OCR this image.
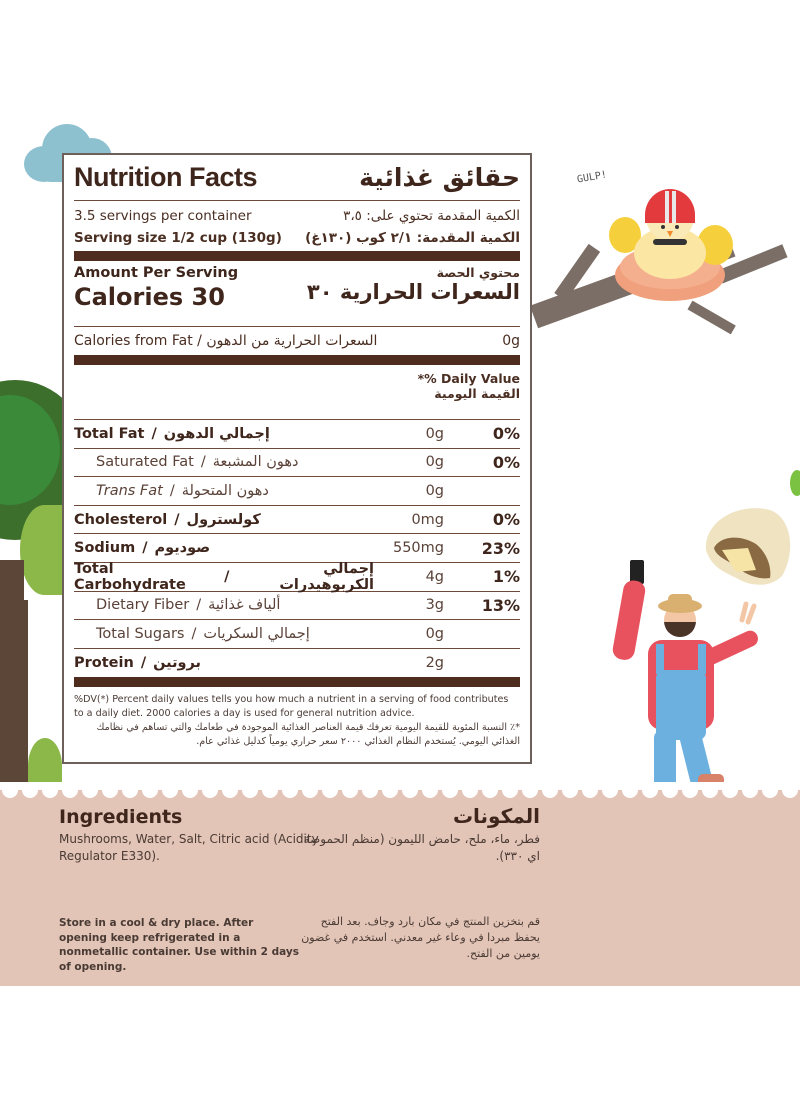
GULP!
Nutrition Facts	حقائق غذائية
3.5 servings per container	الكمية المقدمة تحتوي على: ٣،٥
Serving size 1/2 cup (130g) الكمية المقدمة: ٢/١ كوب (١٣٠غ)
Amount Per Serving
Calories 30
محتوي الحصة
السعرات الحرارية ٣٠
Calories from Fat / السعرات الحرارية من الدهون	0g
*% Daily Value
القيمة اليومية
Total Fat / إجمالي الدهون	0g	0%
Saturated Fat / دهون المشبعة	0g	0%
Trans Fat / دهون المتحولة	0g
Cholesterol / كولسترول	0mg	0%
Sodium / صوديوم	550mg	23%
Total Carbohydrate	/	إجمالي الكربوهيدرات	4g	1%
Dietary Fiber / ألياف غذائية	3g	13%
Total Sugars / إجمالي السكريات	0g
Protein / بروتين	2g
%DV(*) Percent daily values tells you how much a nutrient in a serving of food contributes to a daily diet. 2000 calories a day is used for general nutrition advice.
*٪ النسبة المئوية للقيمة اليومية تعرفك قيمة العناصر الغذائية الموجودة في طعامك والتي تساهم في نظامك الغذائي اليومي. يُستخدم النظام الغذائي ٢٠٠٠ سعر حراري يومياً كدليل غذائي عام.
Ingredients

Mushrooms, Water, Salt, Citric acid (Acidity Regulator E330).

المكونات

فطر، ماء، ملح، حامض الليمون (منظم الحموضة اي ٣٣٠).

Store in a cool & dry place. After opening keep refrigerated in a nonmetallic container. Use within 2 days of opening.
قم بتخزين المنتج في مكان بارد وجاف. بعد الفتح يحفظ مبردا في وعاء غير معدني. استخدم في غضون يومين من الفتح.
